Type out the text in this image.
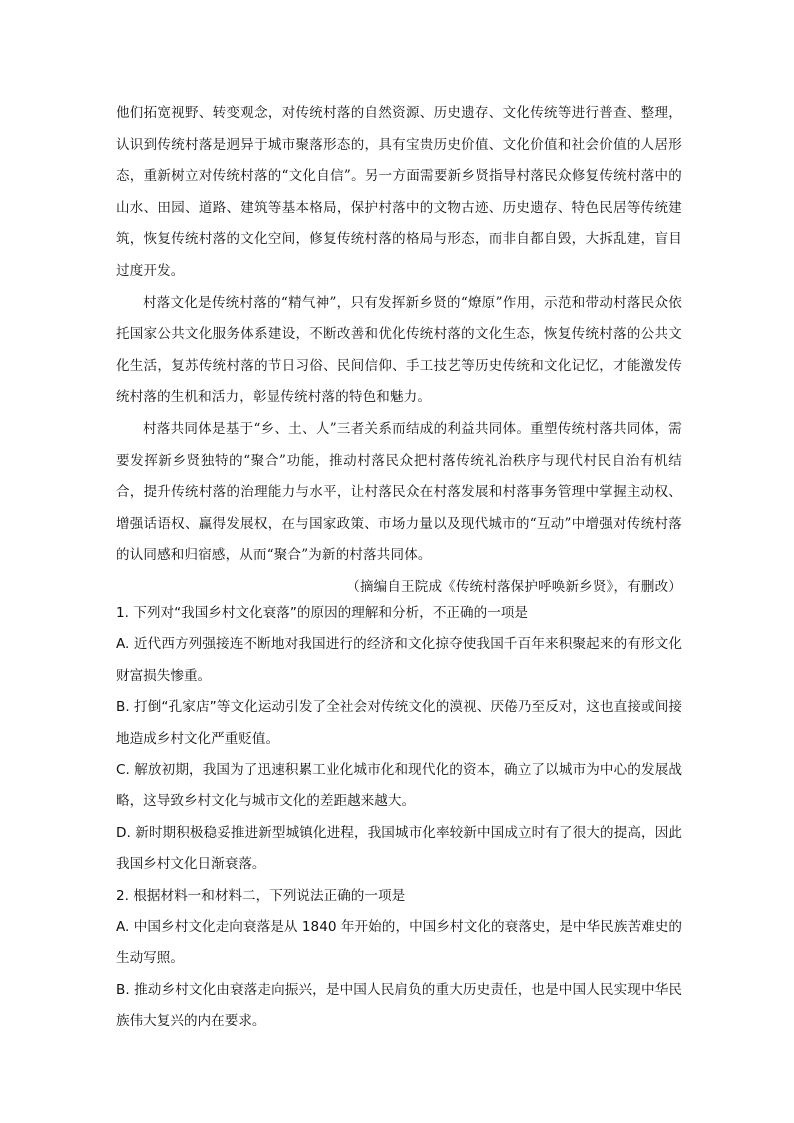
他们拓宽视野、转变观念，对传统村落的自然资源、历史遗存、文化传统等进行普查、整理，认识到传统村落是迥异于城市聚落形态的，具有宝贵历史价值、文化价值和社会价值的人居形态，重新树立对传统村落的“文化自信”。另一方面需要新乡贤指导村落民众修复传统村落中的山水、田园、道路、建筑等基本格局，保护村落中的文物古迹、历史遗存、特色民居等传统建筑，恢复传统村落的文化空间，修复传统村落的格局与形态，而非自都自毁，大拆乱建，盲目过度开发。

村落文化是传统村落的“精气神”，只有发挥新乡贤的“燎原”作用，示范和带动村落民众依托国家公共文化服务体系建设，不断改善和优化传统村落的文化生态，恢复传统村落的公共文化生活，复苏传统村落的节日习俗、民间信仰、手工技艺等历史传统和文化记忆，才能激发传统村落的生机和活力，彰显传统村落的特色和魅力。

村落共同体是基于“乡、土、人”三者关系而结成的利益共同体。重塑传统村落共同体，需要发挥新乡贤独特的“聚合”功能，推动村落民众把村落传统礼治秩序与现代村民自治有机结合，提升传统村落的治理能力与水平，让村落民众在村落发展和村落事务管理中掌握主动权、增强话语权、赢得发展权，在与国家政策、市场力量以及现代城市的“互动”中增强对传统村落的认同感和归宿感，从而“聚合”为新的村落共同体。

（摘编自王院成《传统村落保护呼唤新乡贤》，有删改）

1. 下列对“我国乡村文化衰落”的原因的理解和分析，不正确的一项是

A. 近代西方列强接连不断地对我国进行的经济和文化掠夺使我国千百年来积聚起来的有形文化财富损失惨重。

B. 打倒“孔家店”等文化运动引发了全社会对传统文化的漠视、厌倦乃至反对，这也直接或间接地造成乡村文化严重贬值。

C. 解放初期，我国为了迅速积累工业化城市化和现代化的资本，确立了以城市为中心的发展战略，这导致乡村文化与城市文化的差距越来越大。

D. 新时期积极稳妥推进新型城镇化进程，我国城市化率较新中国成立时有了很大的提高，因此我国乡村文化日渐衰落。

2. 根据材料一和材料二，下列说法正确的一项是

A. 中国乡村文化走向衰落是从 1840 年开始的，中国乡村文化的衰落史，是中华民族苦难史的生动写照。

B. 推动乡村文化由衰落走向振兴，是中国人民肩负的重大历史责任，也是中国人民实现中华民族伟大复兴的内在要求。
